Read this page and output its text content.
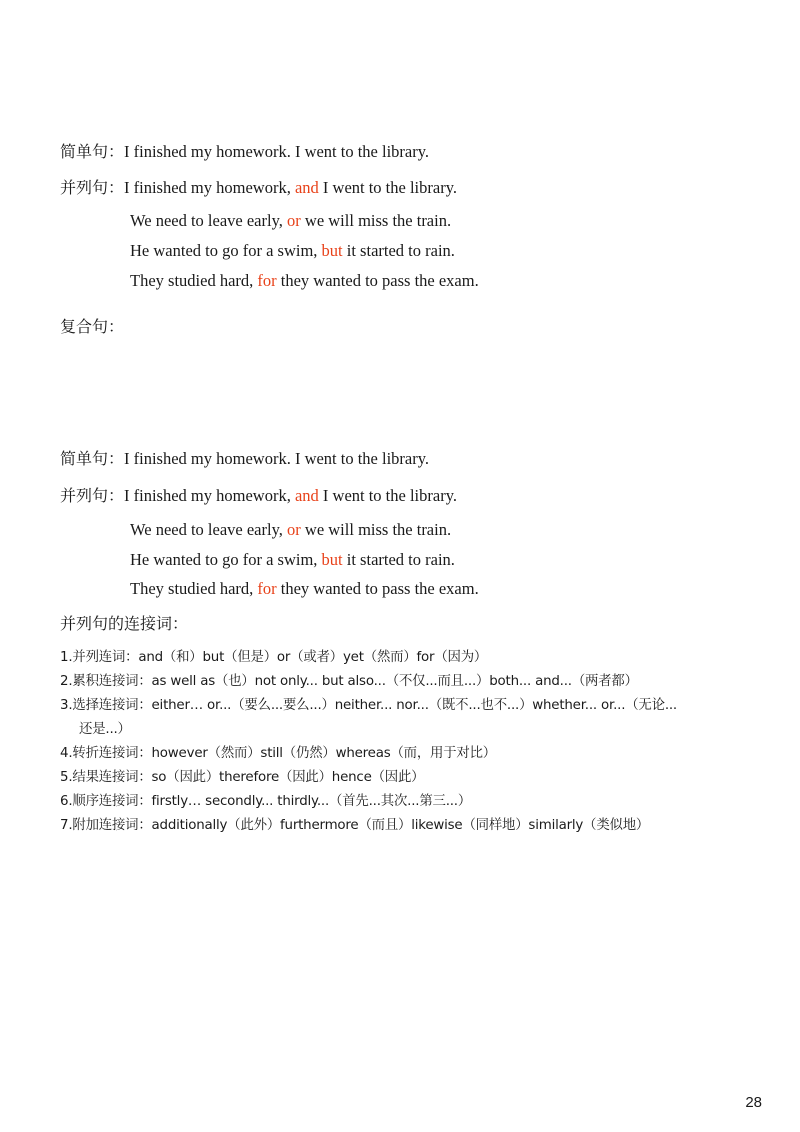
简单句：I finished my homework. I went to the library.
并列句：I finished my homework, and I went to the library.
We need to leave early, or we will miss the train.
He wanted to go for a swim, but it started to rain.
They studied hard, for they wanted to pass the exam.
复合句：
简单句：I finished my homework. I went to the library.
并列句：I finished my homework, and I went to the library.
We need to leave early, or we will miss the train.
He wanted to go for a swim, but it started to rain.
They studied hard, for they wanted to pass the exam.
并列句的连接词：
1.并列连词：and（和）but（但是）or（或者）yet（然而）for（因为）
2.累积连接词：as well as（也）not only... but also...（不仅...而且...）both... and...（两者都）
3.选择连接词：either… or...（要么...要么...）neither... nor...（既不...也不...）whether... or...（无论...
还是...）
4.转折连接词：however（然而）still（仍然）whereas（而，用于对比）
5.结果连接词：so（因此）therefore（因此）hence（因此）
6.顺序连接词：firstly… secondly... thirdly...（首先...其次...第三...）
7.附加连接词：additionally（此外）furthermore（而且）likewise（同样地）similarly（类似地）
28
